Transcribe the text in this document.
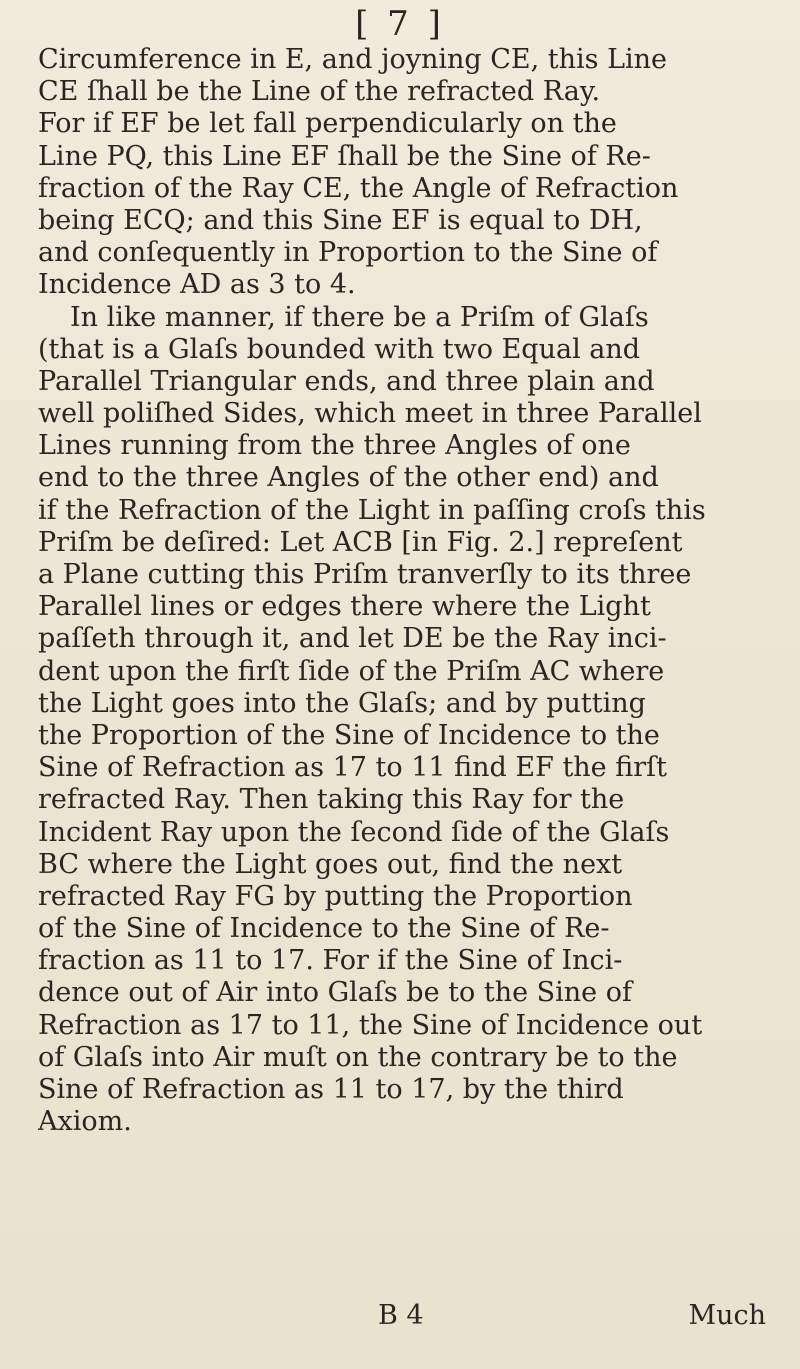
[ 7 ]
Circumference in E, and joyning CE, this Line
CE ſhall be the Line of the refracted Ray.
For if EF be let fall perpendicularly on the
Line PQ, this Line EF ſhall be the Sine of Re-
fraction of the Ray CE, the Angle of Refraction
being ECQ; and this Sine EF is equal to DH,
and conſequently in Proportion to the Sine of
Incidence AD as 3 to 4.
In like manner, if there be a Priſm of Glaſs
(that is a Glaſs bounded with two Equal and
Parallel Triangular ends, and three plain and
well poliſhed Sides, which meet in three Parallel
Lines running from the three Angles of one
end to the three Angles of the other end) and
if the Refraction of the Light in paſſing croſs this
Priſm be deſired: Let ACB [in Fig. 2.] repreſent
a Plane cutting this Priſm tranverſly to its three
Parallel lines or edges there where the Light
paſſeth through it, and let DE be the Ray inci-
dent upon the firſt ſide of the Priſm AC where
the Light goes into the Glaſs; and by putting
the Proportion of the Sine of Incidence to the
Sine of Refraction as 17 to 11 find EF the firſt
refracted Ray. Then taking this Ray for the
Incident Ray upon the ſecond ſide of the Glaſs
BC where the Light goes out, find the next
refracted Ray FG by putting the Proportion
of the Sine of Incidence to the Sine of Re-
fraction as 11 to 17. For if the Sine of Inci-
dence out of Air into Glaſs be to the Sine of
Refraction as 17 to 11, the Sine of Incidence out
of Glaſs into Air muſt on the contrary be to the
Sine of Refraction as 11 to 17, by the third
Axiom.
B 4	Much
